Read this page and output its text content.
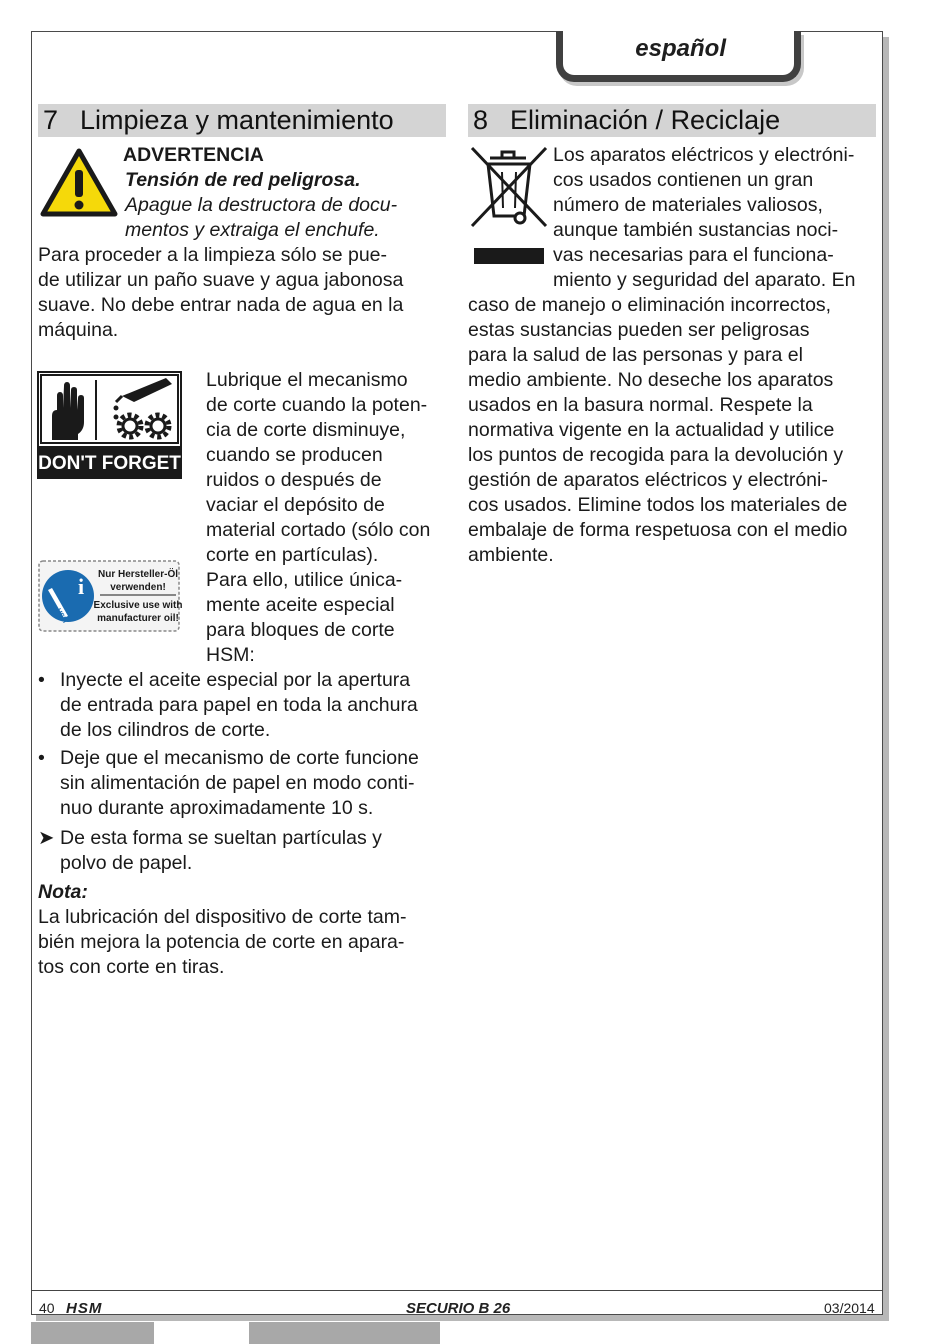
español
7 Limpieza y mantenimiento
ADVERTENCIA
Tensión de red peligrosa.
Apague la destructora de docu-
mentos y extraiga el enchufe.

Para proceder a la limpieza sólo se pue-

de utilizar un paño suave y agua jabonosa

suave. No debe entrar nada de agua en la

máquina.

DON'T FORGET
i
HSM
Nur Hersteller-Öl
verwenden!
Exclusive use with
manufacturer oil!

Lubrique el mecanismo

de corte cuando la poten-

cia de corte disminuye,

cuando se producen

ruidos o después de

vaciar el depósito de

material cortado (sólo con

corte en partículas).

Para ello, utilice única-

mente aceite especial

para bloques de corte

HSM:

• Inyecte el aceite especial por la apertura

de entrada para papel en toda la anchura

de los cilindros de corte.

• Deje que el mecanismo de corte funcione

sin alimentación de papel en modo conti-

nuo durante aproximadamente 10 s.

➤ De esta forma se sueltan partículas y

polvo de papel.

Nota:

La lubricación del dispositivo de corte tam-

bién mejora la potencia de corte en apara-

tos con corte en tiras.

8 Eliminación / Reciclaje

Los aparatos eléctricos y electróni-

cos usados contienen un gran

número de materiales valiosos,

aunque también sustancias noci-

vas necesarias para el funciona-

miento y seguridad del aparato. En

caso de manejo o eliminación incorrectos,

estas sustancias pueden ser peligrosas

para la salud de las personas y para el

medio ambiente. No deseche los aparatos

usados en la basura normal. Respete la

normativa vigente en la actualidad y utilice

los puntos de recogida para la devolución y

gestión de aparatos eléctricos y electróni-

cos usados. Elimine todos los materiales de

embalaje de forma respetuosa con el medio

ambiente.

40 HSM	SECURIO B 26	03/2014
